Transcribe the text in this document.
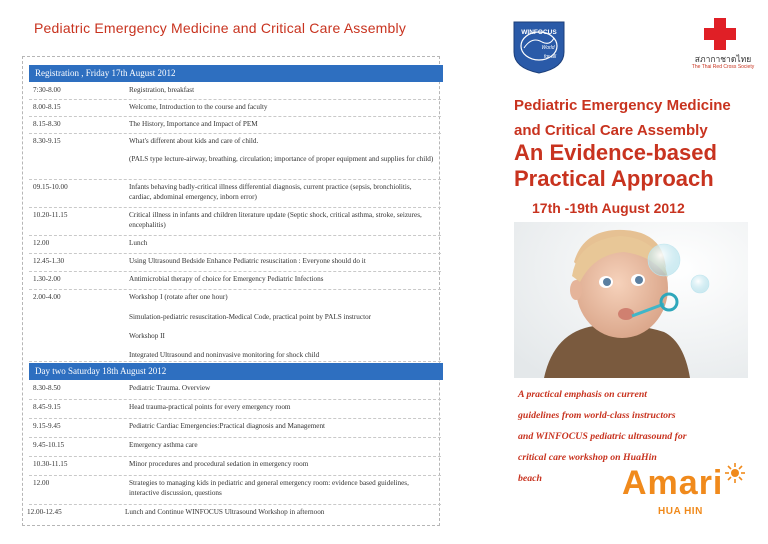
Pediatric Emergency Medicine and Critical Care Assembly
Registration , Friday 17th August 2012
7:30-8.00	Registration, breakfast
8.00-8.15	Welcome, Introduction to the course and faculty
8.15-8.30	The History, Importance and Impact of PEM
8.30-9.15	What's different about kids and care of child.
(PALS type lecture-airway, breathing, circulation; importance of proper equipment and supplies for child)
09.15-10.00	Infants behaving badly-critical illness differential diagnosis, current practice (sepsis, bronchiolitis, cardiac, abdominal emergency, inborn error)
10.20-11.15	Critical illness in infants and children literature update (Septic shock, critical asthma, stroke, seizures, encephalitis)
12.00	Lunch
12.45-1.30	Using Ultrasound Bedside Enhance Pediatric resuscitation : Everyone should do it
1.30-2.00	Antimicrobial therapy of choice for Emergency Pediatric Infections
2.00-4.00	Workshop I (rotate after one hour)
Simulation-pediatric resuscitation-Medical Code, practical point by PALS instructor
Workshop II
Integrated Ultrasound and noninvasive monitoring for shock child
Day two Saturday 18th August 2012
8.30-8.50	Pediatric Trauma. Overview
8.45-9.15	Head trauma-practical points for every emergency room
9.15-9.45	Pediatric Cardiac Emergencies:Practical diagnosis and Management
9.45-10.15	Emergency asthma care
10.30-11.15	Minor procedures and procedural sedation in emergency room
12.00	Strategies to managing kids in pediatric and general emergency room: evidence based guidelines, interactive discussion, questions
12.00-12.45	Lunch and Continue WINFOCUS Ultrasound Workshop in afternoon
WINFOCUS
World
for all	สภากาชาดไทย
The Thai Red Cross Society
Pediatric Emergency Medicine
and Critical Care Assembly
An Evidence-based
Practical Approach
17th -19th August 2012
A practical emphasis on current
guidelines from world-class instructors
and WINFOCUS pediatric ultrasound for
critical care workshop on HuaHin
beach	Amari
HUA HIN
